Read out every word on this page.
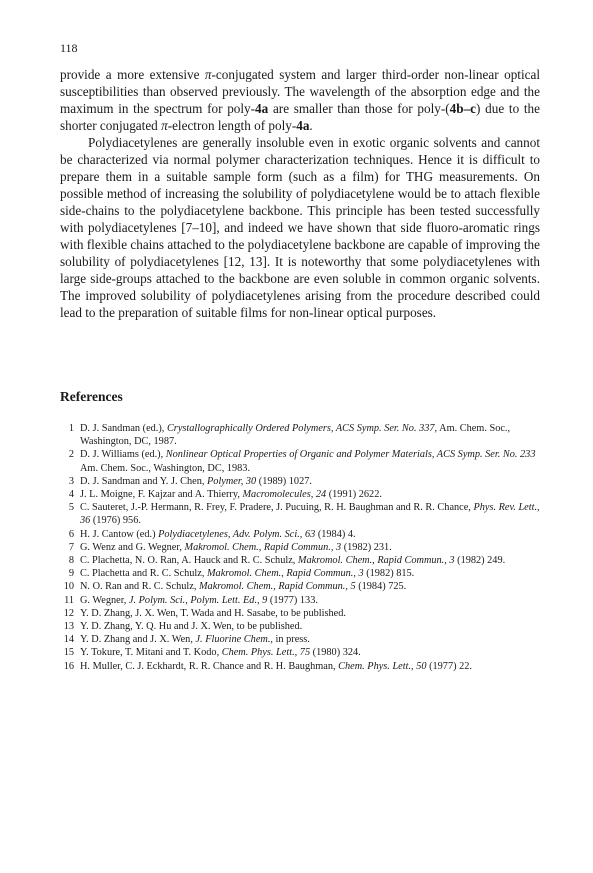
118

provide a more extensive π-conjugated system and larger third-order non-linear optical susceptibilities than observed previously. The wavelength of the absorption edge and the maximum in the spectrum for poly-4a are smaller than those for poly-(4b–c) due to the shorter conjugated π-electron length of poly-4a.

Polydiacetylenes are generally insoluble even in exotic organic solvents and cannot be characterized via normal polymer characterization techniques. Hence it is difficult to prepare them in a suitable sample form (such as a film) for THG measurements. On possible method of increasing the solubility of polydiacetylene would be to attach flexible side-chains to the polydiacetylene backbone. This principle has been tested successfully with polydiacetylenes [7–10], and indeed we have shown that side fluoro-aromatic rings with flexible chains attached to the polydiacetylene backbone are capable of improving the solubility of polydiacetylenes [12, 13]. It is noteworthy that some polydiacetylenes with large side-groups attached to the backbone are even soluble in common organic solvents. The improved solubility of polydiacetylenes arising from the procedure described could lead to the preparation of suitable films for non-linear optical purposes.

References
1 D. J. Sandman (ed.), Crystallographically Ordered Polymers, ACS Symp. Ser. No. 337, Am. Chem. Soc., Washington, DC, 1987.
2 D. J. Williams (ed.), Nonlinear Optical Properties of Organic and Polymer Materials, ACS Symp. Ser. No. 233 Am. Chem. Soc., Washington, DC, 1983.
3 D. J. Sandman and Y. J. Chen, Polymer, 30 (1989) 1027.
4 J. L. Moigne, F. Kajzar and A. Thierry, Macromolecules, 24 (1991) 2622.
5 C. Sauteret, J.-P. Hermann, R. Frey, F. Pradere, J. Pucuing, R. H. Baughman and R. R. Chance, Phys. Rev. Lett., 36 (1976) 956.
6 H. J. Cantow (ed.) Polydiacetylenes, Adv. Polym. Sci., 63 (1984) 4.
7 G. Wenz and G. Wegner, Makromol. Chem., Rapid Commun., 3 (1982) 231.
8 C. Plachetta, N. O. Ran, A. Hauck and R. C. Schulz, Makromol. Chem., Rapid Commun., 3 (1982) 249.
9 C. Plachetta and R. C. Schulz, Makromol. Chem., Rapid Commun., 3 (1982) 815.
10 N. O. Ran and R. C. Schulz, Makromol. Chem., Rapid Commun., 5 (1984) 725.
11 G. Wegner, J. Polym. Sci., Polym. Lett. Ed., 9 (1977) 133.
12 Y. D. Zhang, J. X. Wen, T. Wada and H. Sasabe, to be published.
13 Y. D. Zhang, Y. Q. Hu and J. X. Wen, to be published.
14 Y. D. Zhang and J. X. Wen, J. Fluorine Chem., in press.
15 Y. Tokure, T. Mitani and T. Kodo, Chem. Phys. Lett., 75 (1980) 324.
16 H. Muller, C. J. Eckhardt, R. R. Chance and R. H. Baughman, Chem. Phys. Lett., 50 (1977) 22.
